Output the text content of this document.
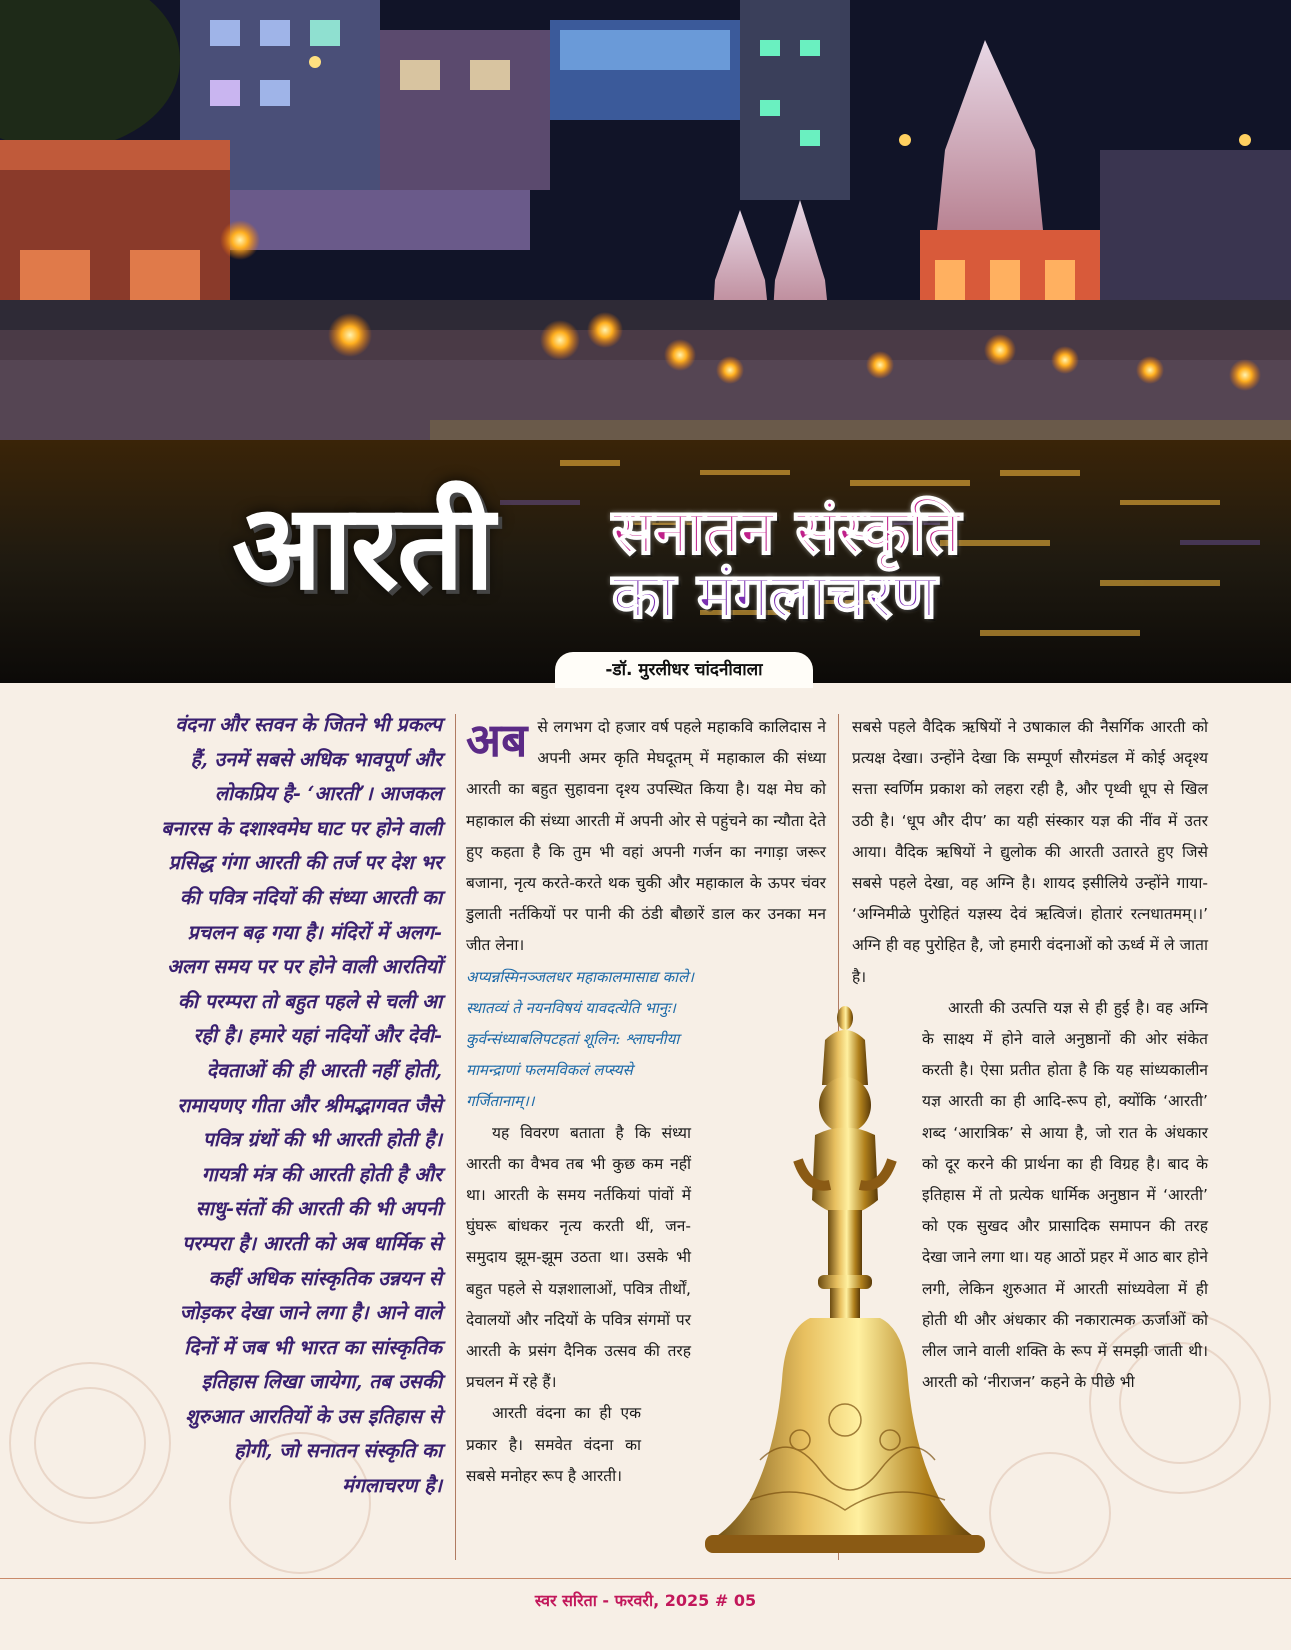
आरती सनातन संस्कृति
का मंगलाचरण
-डॉ. मुरलीधर चांदनीवाला

वंदना और स्तवन के जितने भी प्रकल्प

हैं, उनमें सबसे अधिक भावपूर्ण और

लोकप्रिय है- ‘आरती’। आजकल

बनारस के दशाश्वमेघ घाट पर होने वाली

प्रसिद्ध गंगा आरती की तर्ज पर देश भर

की पवित्र नदियों की संध्या आरती का

प्रचलन बढ़ गया है। मंदिरों में अलग-

अलग समय पर पर होने वाली आरतियों

की परम्परा तो बहुत पहले से चली आ

रही है। हमारे यहां नदियों और देवी-

देवताओं की ही आरती नहीं होती,

रामायणए गीता और श्रीमद्भागवत जैसे

पवित्र ग्रंथों की भी आरती होती है।

गायत्री मंत्र की आरती होती है और

साधु-संतों की आरती की भी अपनी

परम्परा है। आरती को अब धार्मिक से

कहीं अधिक सांस्कृतिक उन्नयन से

जोड़कर देखा जाने लगा है। आने वाले

दिनों में जब भी भारत का सांस्कृतिक

इतिहास लिखा जायेगा, तब उसकी

शुरुआत आरतियों के उस इतिहास से

होगी, जो सनातन संस्कृति का

मंगलाचरण है।

अब से लगभग दो हजार वर्ष पहले महाकवि कालिदास ने अपनी अमर कृति मेघदूतम् में महाकाल की संध्या आरती का बहुत सुहावना दृश्य उपस्थित किया है। यक्ष मेघ को महाकाल की संध्या आरती में अपनी ओर से पहुंचने का न्यौता देते हुए कहता है कि तुम भी वहां अपनी गर्जन का नगाड़ा जरूर बजाना, नृत्य करते-करते थक चुकी और महाकाल के ऊपर चंवर डुलाती नर्तकियों पर पानी की ठंडी बौछारें डाल कर उनका मन जीत लेना।

अप्यन्नस्मिनञ्जलधर महाकालमासाद्य काले।
स्थातव्यं ते नयनविषयं यावदत्येति भानुः।
कुर्वन्संध्याबलिपटहतां शूलिन: श्लाघनीया
मामन्द्राणां फलमविकलं लप्स्यसे
गर्जितानाम्।।

यह विवरण बताता है कि संध्या आरती का वैभव तब भी कुछ कम नहीं था। आरती के समय नर्तकियां पांवों में घुंघरू बांधकर नृत्य करती थीं, जन-समुदाय झूम-झूम उठता था। उसके भी बहुत पहले से यज्ञशालाओं, पवित्र तीर्थों, देवालयों और नदियों के पवित्र संगमों पर आरती के प्रसंग दैनिक उत्सव की तरह प्रचलन में रहे हैं।

आरती वंदना का ही एक प्रकार है। समवेत वंदना का सबसे मनोहर रूप है आरती।

सबसे पहले वैदिक ऋषियों ने उषाकाल की नैसर्गिक आरती को प्रत्यक्ष देखा। उन्होंने देखा कि सम्पूर्ण सौरमंडल में कोई अदृश्य सत्ता स्वर्णिम प्रकाश को लहरा रही है, और पृथ्वी धूप से खिल उठी है। ‘धूप और दीप’ का यही संस्कार यज्ञ की नींव में उतर आया। वैदिक ऋषियों ने द्युलोक की आरती उतारते हुए जिसे सबसे पहले देखा, वह अग्नि है। शायद इसीलिये उन्होंने गाया- ‘अग्निमीळे पुरोहितं यज्ञस्य देवं ऋत्विजं। होतारं रत्नधातमम्।।’ अग्नि ही वह पुरोहित है, जो हमारी वंदनाओं को ऊर्ध्व में ले जाता है।

आरती की उत्पत्ति यज्ञ से ही हुई है। वह अग्नि के साक्ष्य में होने वाले अनुष्ठानों की ओर संकेत करती है। ऐसा प्रतीत होता है कि यह सांध्यकालीन यज्ञ आरती का ही आदि-रूप हो, क्योंकि ‘आरती’ शब्द ‘आरात्रिक’ से आया है, जो रात के अंधकार को दूर करने की प्रार्थना का ही विग्रह है। बाद के इतिहास में तो प्रत्येक धार्मिक अनुष्ठान में ‘आरती’ को एक सुखद और प्रासादिक समापन की तरह देखा जाने लगा था। यह आठों प्रहर में आठ बार होने लगी, लेकिन शुरुआत में आरती सांध्यवेला में ही होती थी और अंधकार की नकारात्मक ऊर्जाओं को लील जाने वाली शक्ति के रूप में समझी जाती थी। आरती को ‘नीराजन’ कहने के पीछे भी

स्वर सरिता - फरवरी, 2025 # 05
